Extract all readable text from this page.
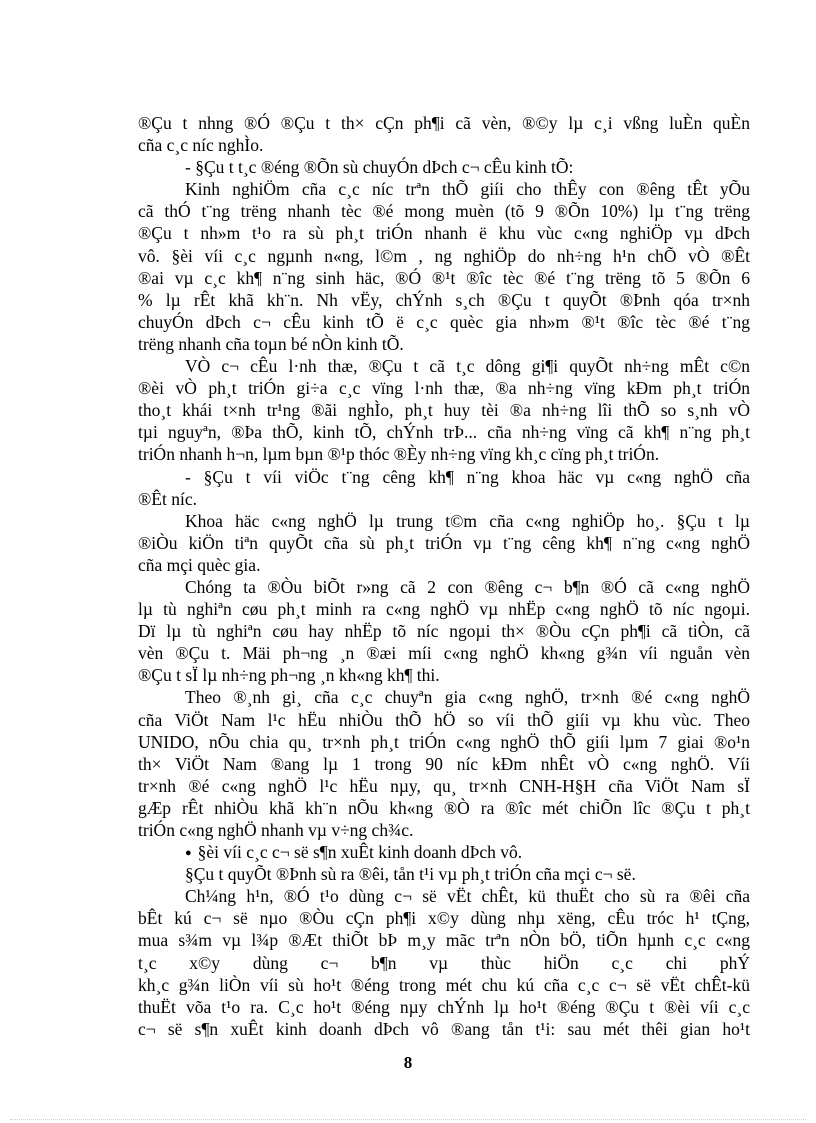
®Çu t nhng ®Ó ®Çu t th× cÇn ph¶i cã vèn, ®©y lµ c¸i vßng luÈn quÈn
cña c¸c níc nghÌo.
- §Çu t t¸c ®éng ®Õn sù chuyÓn dÞch c¬ cÊu kinh tÕ:
Kinh nghiÖm cña c¸c níc trªn thÕ giíi cho thÊy con ®êng tÊt yÕu
cã thÓ t¨ng trëng nhanh tèc ®é mong muèn (tõ 9 ®Õn 10%) lµ t¨ng trëng
®Çu t nh»m t¹o ra sù ph¸t triÓn nhanh ë khu vùc c«ng nghiÖp vµ dÞch
vô. §èi víi c¸c ngµnh n«ng, l©m , ng nghiÖp do nh÷ng h¹n chÕ vÒ ®Êt
®ai vµ c¸c kh¶ n¨ng sinh häc, ®Ó ®¹t ®îc tèc ®é t¨ng trëng tõ 5 ®Õn 6
% lµ rÊt khã kh¨n. Nh vËy, chÝnh s¸ch ®Çu t quyÕt ®Þnh qóa tr×nh
chuyÓn dÞch c¬ cÊu kinh tÕ ë c¸c quèc gia nh»m ®¹t ®îc tèc ®é t¨ng
trëng nhanh cña toµn bé nÒn kinh tÕ.
VÒ c¬ cÊu l·nh thæ, ®Çu t cã t¸c dông gi¶i quyÕt nh÷ng mÊt c©n
®èi vÒ ph¸t triÓn gi÷a c¸c vïng l·nh thæ, ®a nh÷ng vïng kÐm ph¸t triÓn
tho¸t khái t×nh tr¹ng ®ãi nghÌo, ph¸t huy tèi ®a nh÷ng lîi thÕ so s¸nh vÒ
tµi nguyªn, ®Þa thÕ, kinh tÕ, chÝnh trÞ... cña nh÷ng vïng cã kh¶ n¨ng ph¸t
triÓn nhanh h¬n, lµm bµn ®¹p thóc ®Èy nh÷ng vïng kh¸c cïng ph¸t triÓn.
- §Çu t víi viÖc t¨ng cêng kh¶ n¨ng khoa häc vµ c«ng nghÖ cña
®Êt níc.
Khoa häc c«ng nghÖ lµ trung t©m cña c«ng nghiÖp ho¸. §Çu t lµ
®iÒu kiÖn tiªn quyÕt cña sù ph¸t triÓn vµ t¨ng cêng kh¶ n¨ng c«ng nghÖ
cña mçi quèc gia.
Chóng ta ®Òu biÕt r»ng cã 2 con ®êng c¬ b¶n ®Ó cã c«ng nghÖ
lµ tù nghiªn cøu ph¸t minh ra c«ng nghÖ vµ nhËp c«ng nghÖ tõ níc ngoµi.
Dï lµ tù nghiªn cøu hay nhËp tõ níc ngoµi th× ®Òu cÇn ph¶i cã tiÒn, cã
vèn ®Çu t. Mäi ph¬ng ¸n ®æi míi c«ng nghÖ kh«ng g¾n víi nguån vèn
®Çu t sÏ lµ nh÷ng ph¬ng ¸n kh«ng kh¶ thi.
Theo ®¸nh gi¸ cña c¸c chuyªn gia c«ng nghÖ, tr×nh ®é c«ng nghÖ
cña ViÖt Nam l¹c hËu nhiÒu thÕ hÖ so víi thÕ giíi vµ khu vùc. Theo
UNIDO, nÕu chia qu¸ tr×nh ph¸t triÓn c«ng nghÖ thÕ giíi lµm 7 giai ®o¹n
th× ViÖt Nam ®ang lµ 1 trong 90 níc kÐm nhÊt vÒ c«ng nghÖ. Víi
tr×nh ®é c«ng nghÖ l¹c hËu nµy, qu¸ tr×nh CNH-H§H cña ViÖt Nam sÏ
gÆp rÊt nhiÒu khã kh¨n nÕu kh«ng ®Ò ra ®îc mét chiÕn lîc ®Çu t ph¸t
triÓn c«ng nghÖ nhanh vµ v÷ng ch¾c.
● §èi víi c¸c c¬ së s¶n xuÊt kinh doanh dÞch vô.
§Çu t quyÕt ®Þnh sù ra ®êi, tån t¹i vµ ph¸t triÓn cña mçi c¬ së.
Ch¼ng h¹n, ®Ó t¹o dùng c¬ së vËt chÊt, kü thuËt cho sù ra ®êi cña
bÊt kú c¬ së nµo ®Òu cÇn ph¶i x©y dùng nhµ xëng, cÊu tróc h¹ tÇng,
mua s¾m vµ l¾p ®Æt thiÕt bÞ m¸y mãc trªn nÒn bÖ, tiÕn hµnh c¸c c«ng
t¸c x©y dùng c¬ b¶n vµ thùc hiÖn c¸c chi phÝ
kh¸c g¾n liÒn víi sù ho¹t ®éng trong mét chu kú cña c¸c c¬ së vËt chÊt-kü
thuËt võa t¹o ra. C¸c ho¹t ®éng nµy chÝnh lµ ho¹t ®éng ®Çu t ®èi víi c¸c
c¬ së s¶n xuÊt kinh doanh dÞch vô ®ang tån t¹i: sau mét thêi gian ho¹t
8
